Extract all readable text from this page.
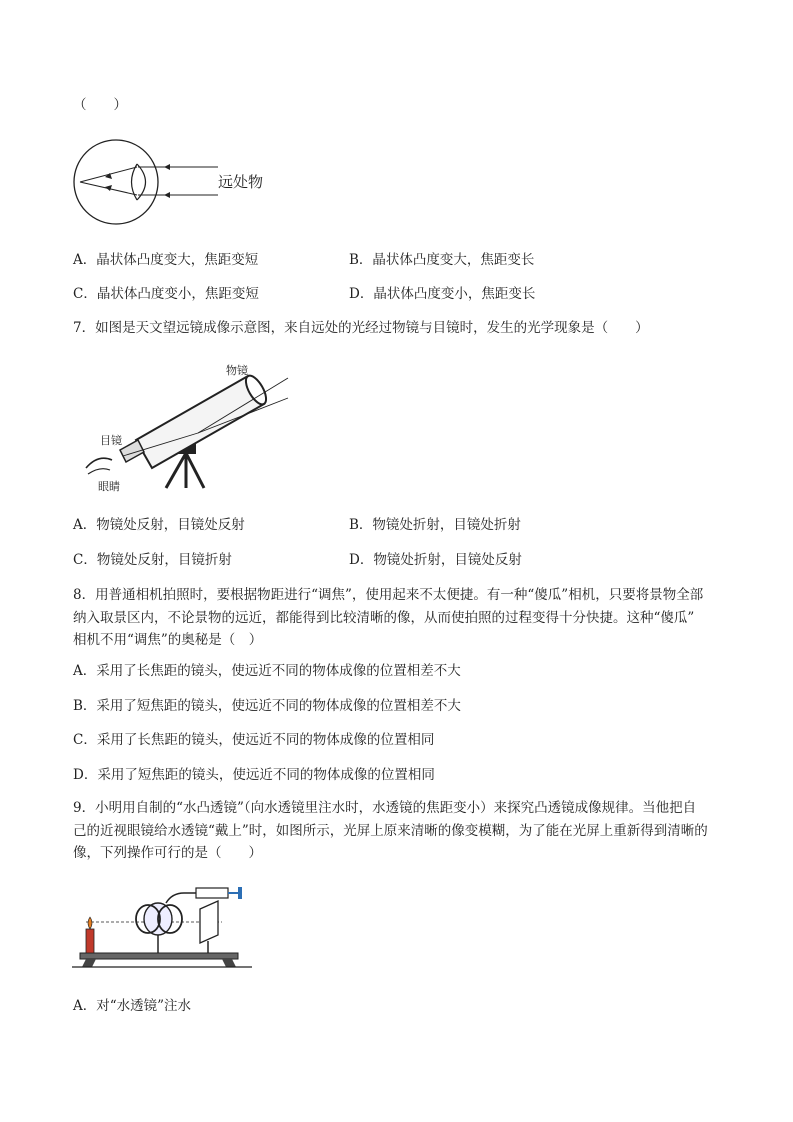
（　　）
远处物
A．晶状体凸度变大，焦距变短	B．晶状体凸度变大，焦距变长
C．晶状体凸度变小，焦距变短	D．晶状体凸度变小，焦距变长
7．如图是天文望远镜成像示意图，来自远处的光经过物镜与目镜时，发生的光学现象是（　　）
物镜
目镜
眼睛
A．物镜处反射，目镜处反射	B．物镜处折射，目镜处折射
C．物镜处反射，目镜折射	D．物镜处折射，目镜处反射
8．用普通相机拍照时，要根据物距进行“调焦”，使用起来不太便捷。有一种“傻瓜”相机，只要将景物全部
纳入取景区内，不论景物的远近，都能得到比较清晰的像，从而使拍照的过程变得十分快捷。这种“傻瓜”
相机不用“调焦”的奥秘是（　）
A．采用了长焦距的镜头，使远近不同的物体成像的位置相差不大
B．采用了短焦距的镜头，使远近不同的物体成像的位置相差不大
C．采用了长焦距的镜头，使远近不同的物体成像的位置相同
D．采用了短焦距的镜头，使远近不同的物体成像的位置相同
9．小明用自制的“水凸透镜”（向水透镜里注水时，水透镜的焦距变小）来探究凸透镜成像规律。当他把自
己的近视眼镜给水透镜“戴上”时，如图所示，光屏上原来清晰的像变模糊，为了能在光屏上重新得到清晰的
像，下列操作可行的是（　　）
A．对“水透镜”注水
